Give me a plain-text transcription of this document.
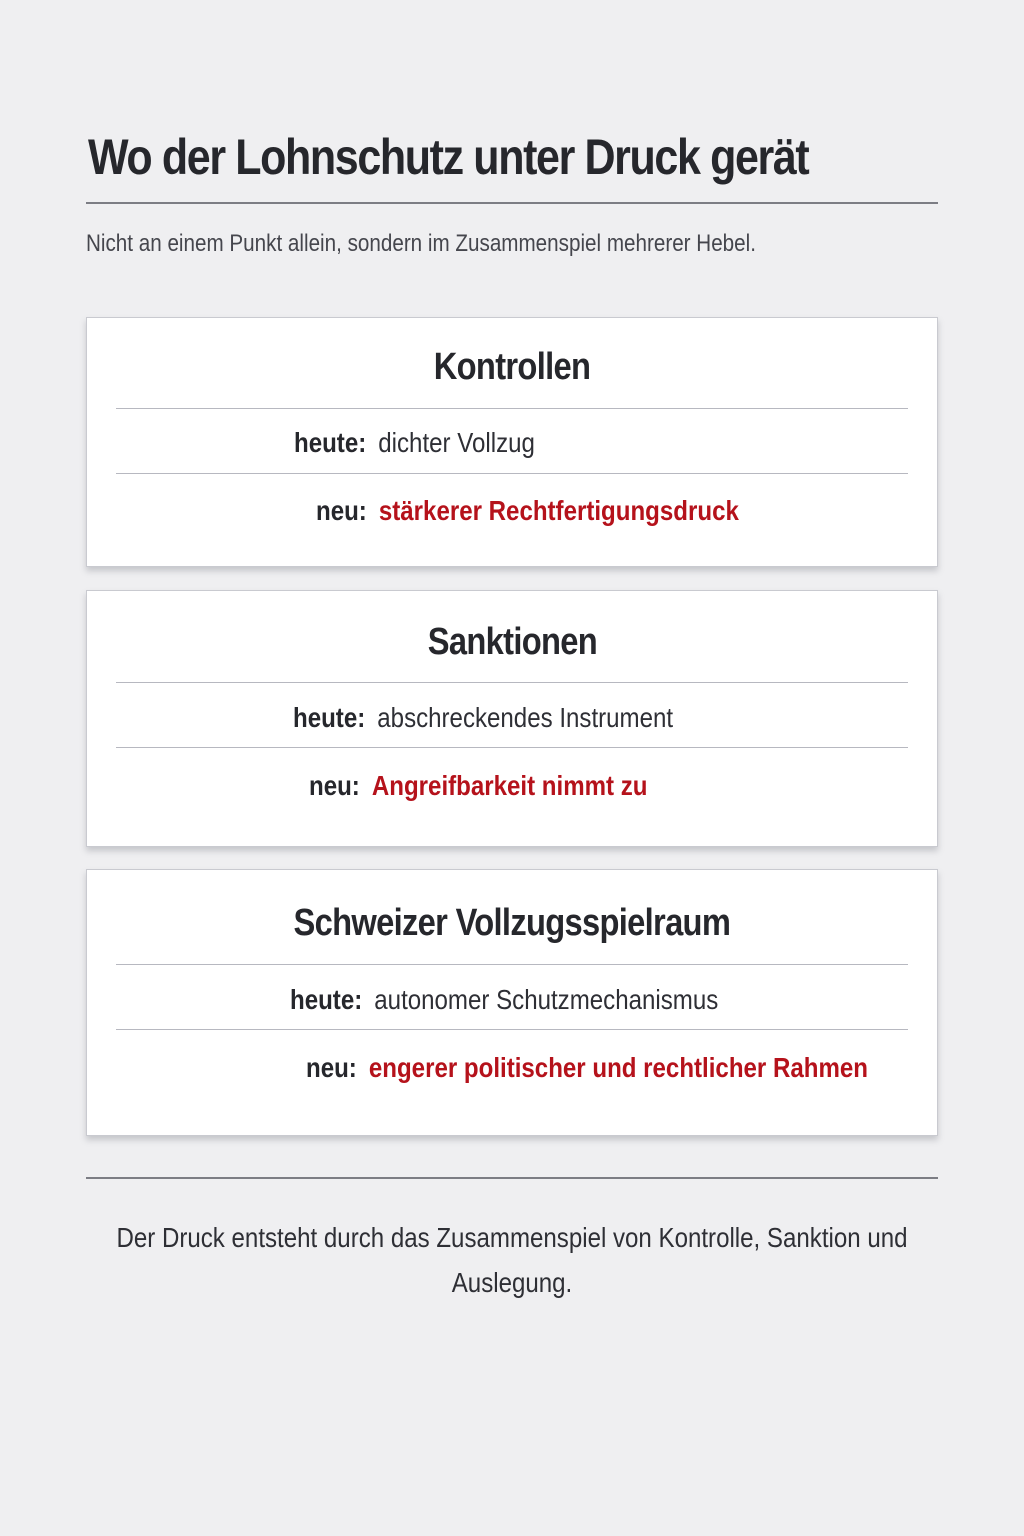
Wo der Lohnschutz unter Druck gerät

Nicht an einem Punkt allein, sondern im Zusammenspiel mehrerer Hebel.

Kontrollen
heute: dichter Vollzug
neu: stärkerer Rechtfertigungsdruck
Sanktionen
heute: abschreckendes Instrument
neu: Angreifbarkeit nimmt zu
Schweizer Vollzugsspielraum
heute: autonomer Schutzmechanismus
neu: engerer politischer und rechtlicher Rahmen

Der Druck entsteht durch das Zusammenspiel von Kontrolle, Sanktion und Auslegung.
